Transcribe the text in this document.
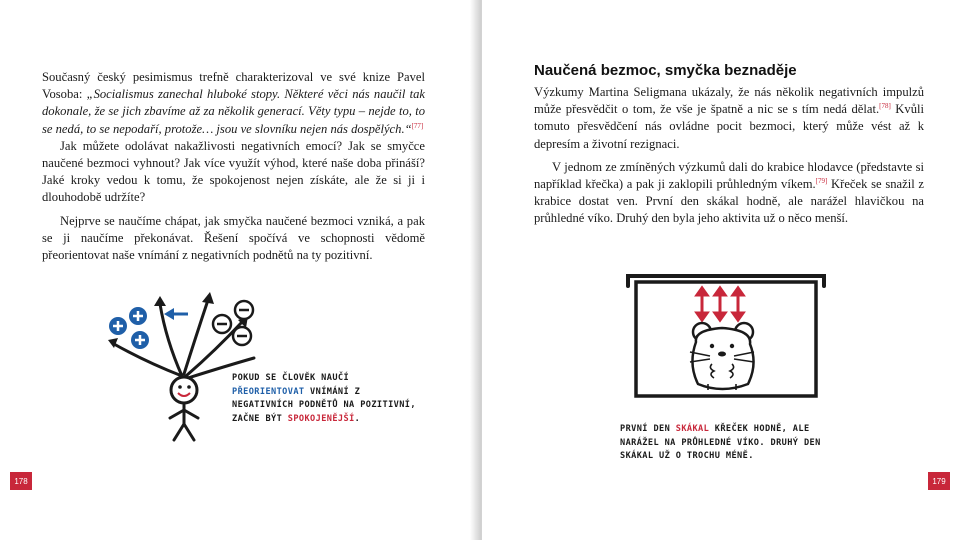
Současný český pesimismus trefně charakterizoval ve své knize Pavel Vosoba: „Socialismus zanechal hluboké stopy. Některé věci nás naučil tak dokonale, že se jich zbavíme až za několik generací. Věty typu – nejde to, to se nedá, to se nepodaří, protože… jsou ve slovníku nejen nás dospělých.“[77]

Jak můžete odolávat nakažlivosti negativních emocí? Jak se smyčce naučené bezmoci vyhnout? Jak více využít výhod, které naše doba přináší? Jaké kroky vedou k tomu, že spokojenost nejen získáte, ale že si ji i dlouhodobě udržíte?

Nejprve se naučíme chápat, jak smyčka naučené bezmoci vzniká, a pak se ji naučíme překonávat. Řešení spočívá ve schopnosti vědomě přeorientovat naše vnímání z negativních podnětů na ty pozitivní.

POKUD SE ČLOVĚK NAUČÍ PŘEORIENTOVAT VNÍMÁNÍ Z NEGATIVNÍCH PODNĚTŮ NA POZITIVNÍ, ZAČNE BÝT SPOKOJENĚJŠÍ.
178
Naučená bezmoc, smyčka beznaděje

Výzkumy Martina Seligmana ukázaly, že nás několik negativních impulzů může přesvědčit o tom, že vše je špatně a nic se s tím nedá dělat.[78] Kvůli tomuto přesvědčení nás ovládne pocit bezmoci, který může vést až k depresím a životní rezignaci.

V jednom ze zmíněných výzkumů dali do krabice hlodavce (představte si například křečka) a pak ji zaklopili průhledným víkem.[79] Křeček se snažil z krabice dostat ven. První den skákal hodně, ale narážel hlavičkou na průhledné víko. Druhý den byla jeho aktivita už o něco menší.

PRVNÍ DEN SKÁKAL KŘEČEK HODNĚ, ALE NARÁŽEL NA PRŮHLEDNÉ VÍKO. DRUHÝ DEN SKÁKAL UŽ O TROCHU MÉNĚ.
179
